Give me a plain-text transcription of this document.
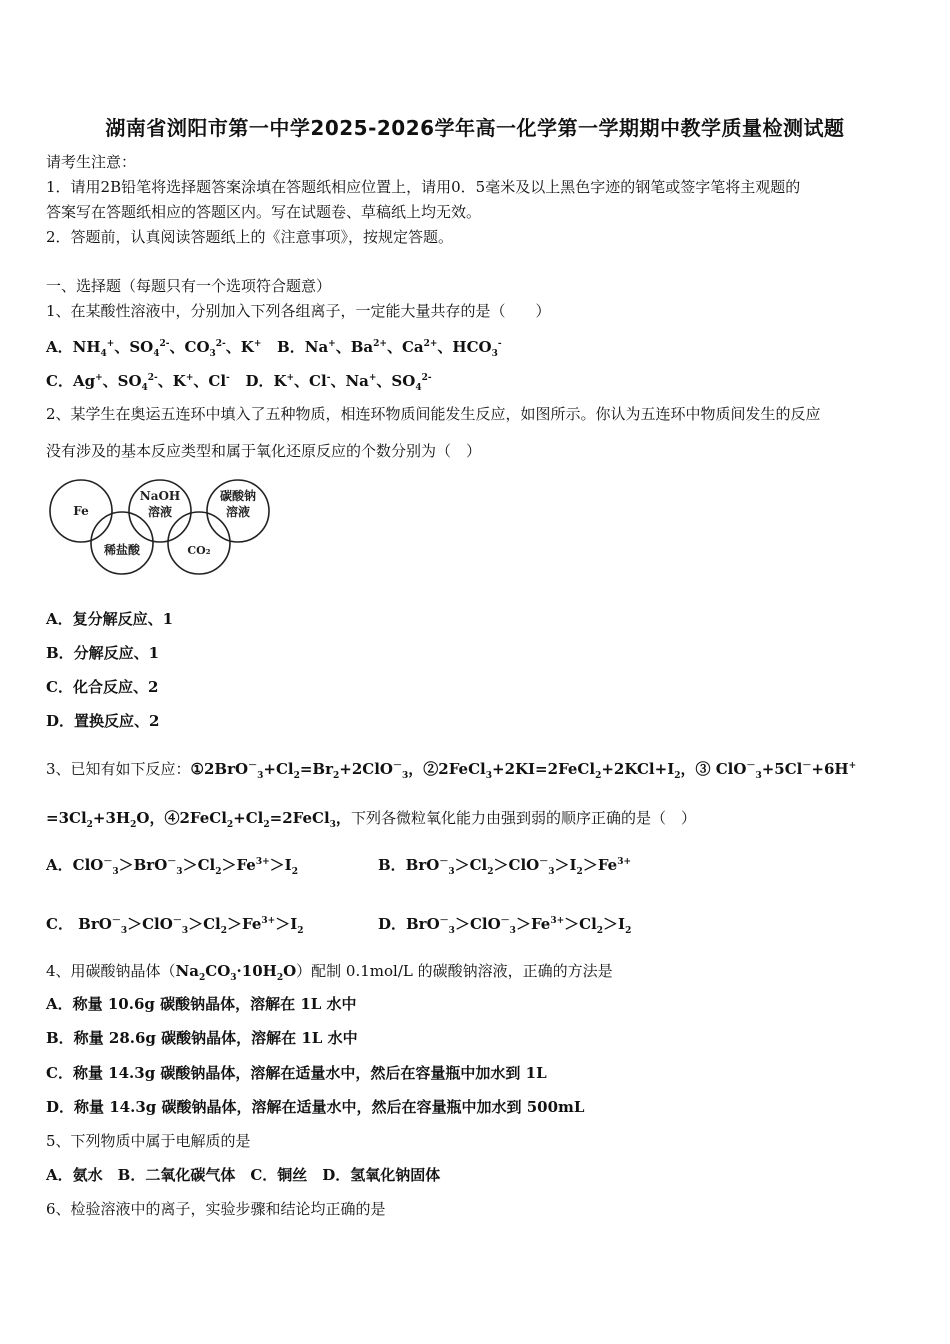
湖南省浏阳市第一中学2025-2026学年高一化学第一学期期中教学质量检测试题
请考生注意：
1．请用2B铅笔将选择题答案涂填在答题纸相应位置上，请用0．5毫米及以上黑色字迹的钢笔或签字笔将主观题的
答案写在答题纸相应的答题区内。写在试题卷、草稿纸上均无效。
2．答题前，认真阅读答题纸上的《注意事项》，按规定答题。
一、选择题（每题只有一个选项符合题意）
1、在某酸性溶液中，分别加入下列各组离子，一定能大量共存的是（　　）
A．$NH_4^+$、$SO_4^{2-}$、$CO_3^{2-}$、K+   B．Na+、$Ba^{2+}$、$Ca^{2+}$、$HCO_3^-$
C．Ag+、$SO_4^{2-}$、K+、Cl-   D．K+、Cl-、Na+、$SO_4^{2-}$
2、某学生在奥运五连环中填入了五种物质，相连环物质间能发生反应，如图所示。你认为五连环中物质间发生的反应
没有涉及的基本反应类型和属于氧化还原反应的个数分别为（　）
Fe
NaOH
溶液
碳酸钠
溶液
稀盐酸	CO₂
A．复分解反应、1
B．分解反应、1
C．化合反应、2
D．置换反应、2
3、已知有如下反应：$①2BrO^-_3+Cl_2=Br_2+2ClO^-_3$，$②2FeCl_3+2KI=2FeCl_2+2KCl+I_2$，③ ClO－$_3$+5Cl－+6H+
$=3Cl_2+3H_2O$，$④2FeCl_2+Cl_2=2FeCl_3$，下列各微粒氧化能力由强到弱的顺序正确的是（　）
A．$ClO^-_3>BrO^-_3>Cl_2>Fe^{3+}>I_2$	B．$BrO^-_3>Cl_2>ClO^-_3>I_2>Fe^{3+}$
C． $BrO^-_3>ClO^-_3>Cl_2>Fe^{3+}>I_2$	D．$BrO^-_3>ClO^-_3>Fe^{3+}>Cl_2>I_2$
4、用碳酸钠晶体$(Na_2CO_3\cdot 10H_2O)$配制 0.1mol/L 的碳酸钠溶液，正确的方法是
A．称量 10.6g 碳酸钠晶体，溶解在 1L 水中
B．称量 28.6g 碳酸钠晶体，溶解在 1L 水中
C．称量 14.3g 碳酸钠晶体，溶解在适量水中，然后在容量瓶中加水到 1L
D．称量 14.3g 碳酸钠晶体，溶解在适量水中，然后在容量瓶中加水到 500mL
5、下列物质中属于电解质的是
A．氨水　B．二氧化碳气体　C．铜丝　D．氢氧化钠固体
6、检验溶液中的离子，实验步骤和结论均正确的是
